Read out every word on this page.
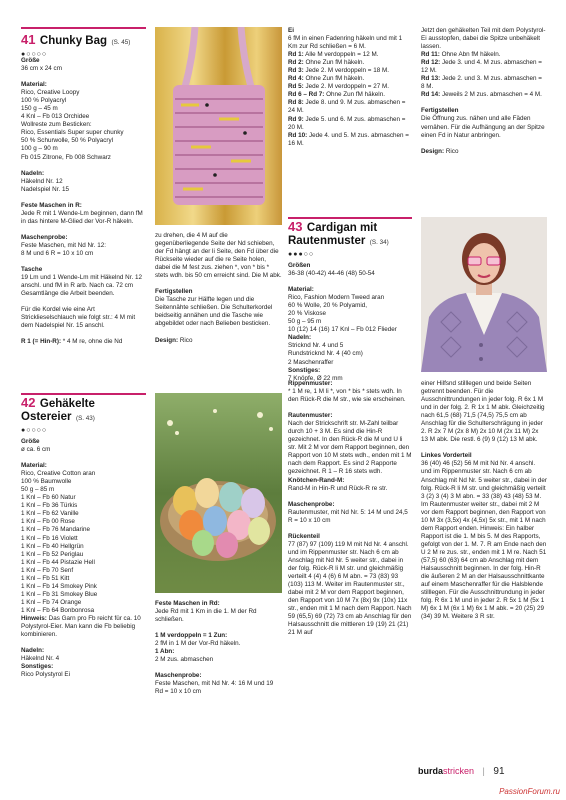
41 Chunky Bag (S. 45)
●○○○○
Größe

36 cm x 24 cm

Material:

Rico, Creative Loopy
100 % Polyacryl
150 g – 45 m
4 Knl – Fb 013 Orchidee
Wollreste zum Besticken:
Rico, Essentials Super super chunky
50 % Schurwolle, 50 % Polyacryl
100 g – 90 m
Fb 015 Zitrone, Fb 008 Schwarz

Nadeln:

Häkelnd Nr. 12
Nadelspiel Nr. 15

Feste Maschen in R:

Jede R mit 1 Wende-Lm beginnen, dann fM in das hintere M-Glied der Vor-R häkeln.

Maschenprobe:

Feste Maschen, mit Nd Nr. 12:
8 M und 6 R = 10 x 10 cm

Tasche

19 Lm und 1 Wende-Lm mit Häkelnd Nr. 12 anschl. und fM in R arb. Nach ca. 72 cm Gesamtlänge die Arbeit beenden.

Für die Kordel wie eine Art Stricklieselschlauch wie folgt str.: 4 M mit dem Nadelspiel Nr. 15 anschl.

R 1 (= Hin-R): * 4 M re, ohne die Nd

zu drehen, die 4 M auf die gegenüberliegende Seite der Nd schieben, der Fd hängt an der li Seite, den Fd über die Rückseite wieder auf die re Seite holen, dabei die M fest zus. ziehen *, von * bis * stets wdh. bis 50 cm erreicht sind. Die M abk.

Fertigstellen

Die Tasche zur Hälfte legen und die Seitennähte schließen. Die Schulterkordel beidseitig annähen und die Tasche wie abgebildet oder nach Belieben besticken.

Design: Rico

42 Gehäkelte
Ostereier (S. 43)
●○○○○
Größe

ø ca. 6 cm

Material:
Rico, Creative Cotton aran
100 % Baumwolle
50 g – 85 m
1 Knl – Fb 60 Natur
1 Knl – Fb 36 Türkis
1 Knl – Fb 62 Vanille
1 Knl – Fb 00 Rose
1 Knl – Fb 76 Mandarine
1 Knl – Fb 16 Violett
1 Knl – Fb 40 Hellgrün
1 Knl – Fb 52 Periglau
1 Knl – Fb 44 Pistazie Hell
1 Knl – Fb 70 Senf
1 Knl – Fb 51 Kitt
1 Knl – Fb 14 Smokey Pink
1 Knl – Fb 31 Smokey Blue
1 Knl – Fb 74 Orange
1 Knl – Fb 64 Bonbonrosa

Hinweis: Das Garn pro Fb reicht für ca. 10 Polystyrol-Eier. Man kann die Fb beliebig kombinieren.

Nadeln:
Häkelnd Nr. 4
Sonstiges:
Rico Polystyrol Ei
Feste Maschen in Rd:

Jede Rd mit 1 Km in die 1. M der Rd schließen.

1 M verdoppeln = 1 Zun:
2 fM in 1 M der Vor-Rd häkeln.
1 Abn:

2 M zus. abmaschen

Maschenprobe:

Feste Maschen, mit Nd Nr. 4: 16 M und 19 Rd = 10 x 10 cm

Ei
6 fM in einen Fadenring häkeln und mit 1 Km zur Rd schließen = 6 M.
Rd 1: Alle M verdoppeln = 12 M.
Rd 2: Ohne Zun fM häkeln.
Rd 3: Jede 2. M verdoppeln = 18 M.
Rd 4: Ohne Zun fM häkeln.
Rd 5: Jede 2. M verdoppeln = 27 M.
Rd 6 – Rd 7: Ohne Zun fM häkeln.
Rd 8: Jede 8. und 9. M zus. abmaschen = 24 M.
Rd 9: Jede 5. und 6. M zus. abmaschen = 20 M.
Rd 10: Jede 4. und 5. M zus. abmaschen = 16 M.
Jetzt den gehäkelten Teil mit dem Polystyrol-Ei ausstopfen, dabei die Spitze unbehäkelt lassen.
Rd 11: Ohne Abn fM häkeln.
Rd 12: Jede 3. und 4. M zus. abmaschen = 12 M.
Rd 13: Jede 2. und 3. M zus. abmaschen = 8 M.
Rd 14: Jeweils 2 M zus. abmaschen = 4 M.
Fertigstellen

Die Öffnung zus. nähen und alle Fäden vernähen. Für die Aufhängung an der Spitze einen Fd in Natur anbringen.

Design: Rico

43 Cardigan mit
Rautenmuster (S. 34)
●●●○○
Größen

36-38 (40-42) 44-46 (48) 50-54

Material:
Rico, Fashion Modern Tweed aran
60 % Wolle, 20 % Polyamid,
20 % Viskose
50 g – 95 m
10 (12) 14 (16) 17 Knl – Fb 012 Flieder
Nadeln:
Stricknd Nr. 4 und 5
Rundstricknd Nr. 4 (40 cm)
2 Maschenraffer
Sonstiges:
7 Knöpfe, Ø 22 mm
Rippenmuster:

* 1 M re, 1 M li *, von * bis * stets wdh. In den Rück-R die M str., wie sie erscheinen.

Rautenmuster:
Nach der Strickschrift str. M-Zahl teilbar durch 10 + 3 M. Es sind die Hin-R gezeichnet. In den Rück-R die M und U li str. Mit 2 M vor dem Rapport beginnen, den Rapport von 10 M stets wdh., enden mit 1 M nach dem Rapport. Es sind 2 Rapporte gezeichnet. R 1 – R 16 stets wdh.
Knötchen-Rand-M:

Rand-M in Hin-R und Rück-R re str.

Maschenprobe:

Rautenmuster, mit Nd Nr. 5: 14 M und 24,5 R = 10 x 10 cm

Rückenteil
77 (87) 97 (109) 119 M mit Nd Nr. 4 anschl. und im Rippenmuster str. Nach 6 cm ab Anschlag mit Nd Nr. 5 weiter str., dabei in der folg. Rück-R li M str. und gleichmäßig verteilt 4 (4) 4 (6) 6 M abn. = 73 (83) 93 (103) 113 M. Weiter im Rautenmuster str., dabei mit 2 M vor dem Rapport beginnen, den Rapport von 10 M 7x (8x) 9x (10x) 11x str., enden mit 1 M nach dem Rapport. Nach 59 (65,5) 69 (72) 73 cm ab Anschlag für den Halsausschnitt die mittleren 19 (19) 21 (21) 21 M auf

einer Hilfsnd stilllegen und beide Seiten getrennt beenden. Für die Ausschnittrundungen in jeder folg. R 6x 1 M und in der folg. 2. R 1x 1 M abk. Gleichzeitig nach 61,5 (68) 71,5 (74,5) 75,5 cm ab Anschlag für die Schulterschrägung in jeder 2. R 2x 7 M (2x 8 M) 2x 10 M (2x 11 M) 2x 13 M abk. Die restl. 6 (9) 9 (12) 13 M abk.

Linkes Vorderteil
36 (40) 46 (52) 56 M mit Nd Nr. 4 anschl. und im Rippenmuster str. Nach 6 cm ab Anschlag mit Nd Nr. 5 weiter str., dabei in der folg. Rück-R li M str. und gleichmäßig verteilt 3 (2) 3 (4) 3 M abn. = 33 (38) 43 (48) 53 M. Im Rautenmuster weiter str., dabei mit 2 M vor dem Rapport beginnen, den Rapport von 10 M 3x (3,5x) 4x (4,5x) 5x str., mit 1 M nach dem Rapport enden. Hinweis: Ein halber Rapport ist die 1. M bis 5. M des Rapports, gefolgt von der 1. M. 7. R am Ende nach den U 2 M re zus. str., enden mit 1 M re. Nach 51 (57,5) 60 (63) 64 cm ab Anschlag mit dem Halsausschnitt beginnen. In der folg. Hin-R die äußeren 2 M an der Halsausschnittkante auf einem Maschenraffer für die Halsblende stilllegen. Für die Ausschnittrundung in jeder folg. R 6x 1 M und in jeder 2. R 5x 1 M (5x 1 M) 6x 1 M (6x 1 M) 6x 1 M abk. = 20 (25) 29 (34) 39 M. Weitere 3 R str.
burdastricken | 91
PassionForum.ru
